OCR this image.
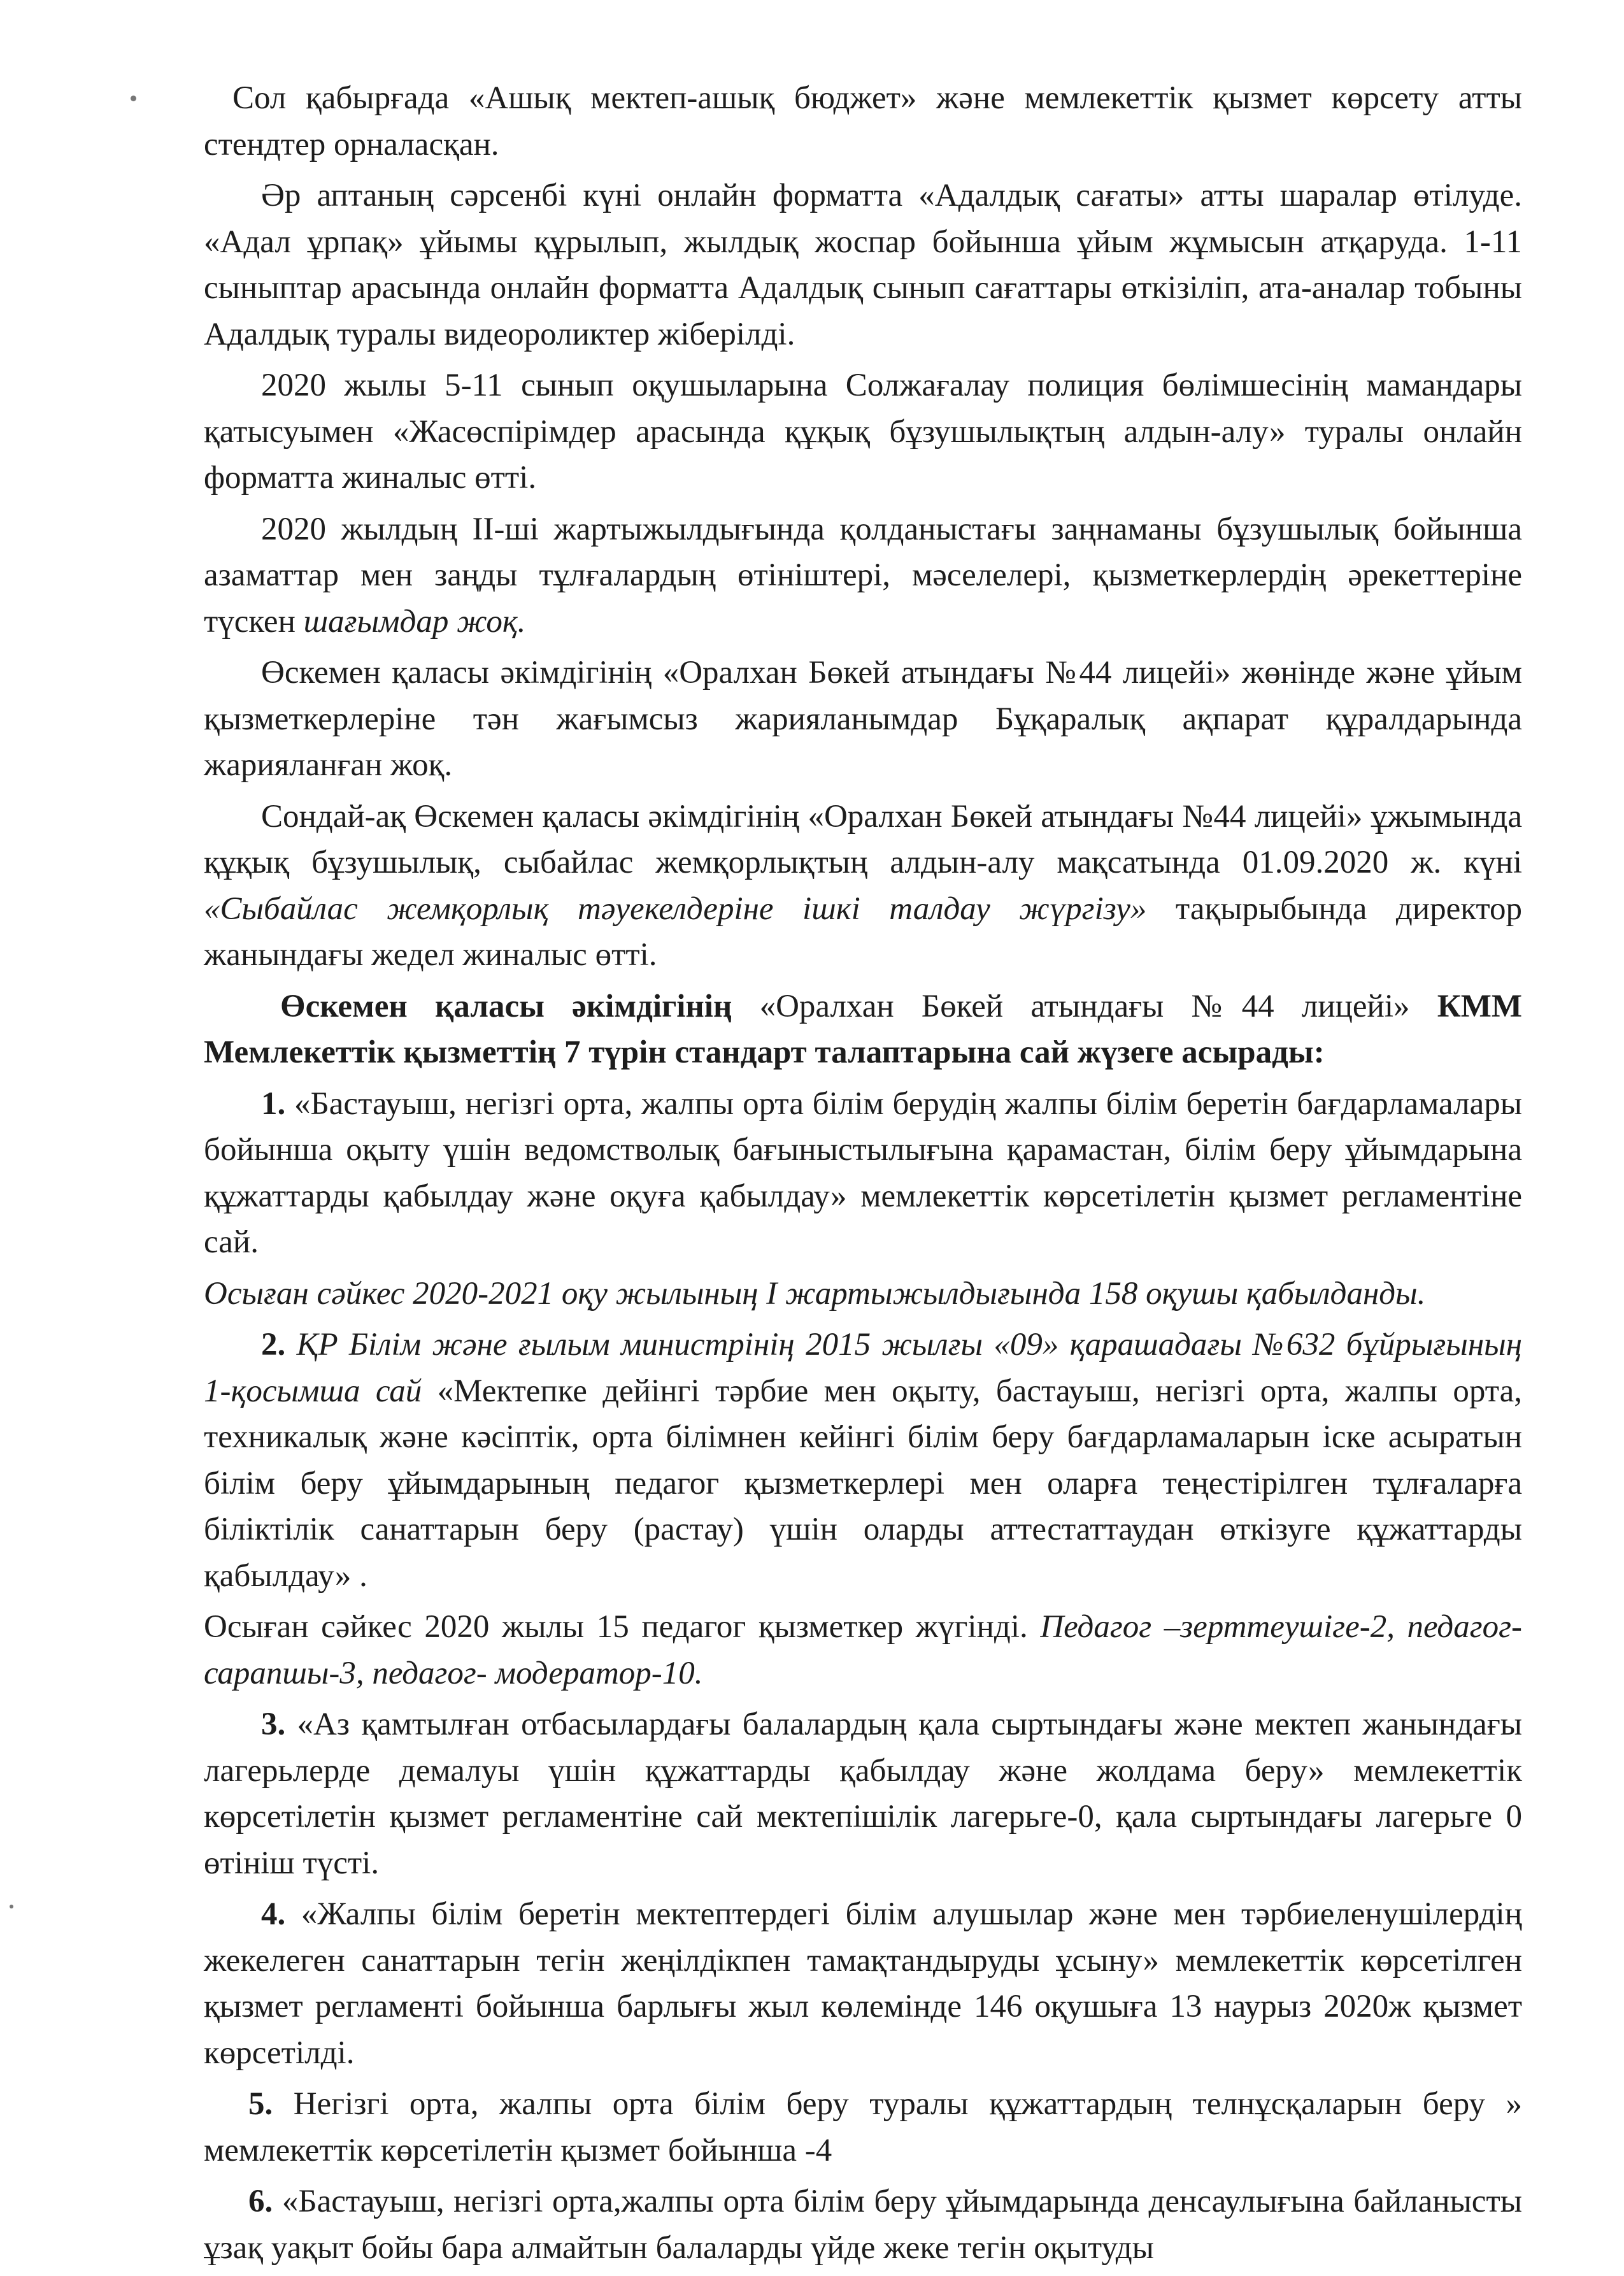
Сол қабырғада «Ашық мектеп-ашық бюджет» және мемлекеттік қызмет көрсету атты стендтер орналасқан.

Әр аптаның сәрсенбі күні онлайн форматта «Адалдық сағаты» атты шаралар өтілуде. «Адал ұрпақ» ұйымы құрылып, жылдық жоспар бойынша ұйым жұмысын атқаруда. 1-11 сыныптар арасында онлайн форматта Адалдық сынып сағаттары өткізіліп, ата-аналар тобыны Адалдық туралы видеороликтер жіберілді.

2020 жылы 5-11 сынып оқушыларына Солжағалау полиция бөлімшесінің мамандары қатысуымен «Жасөспірімдер арасында құқық бұзушылықтың алдын-алу» туралы онлайн форматта жиналыс өтті.

2020 жылдың ІІ-ші жартыжылдығында қолданыстағы заңнаманы бұзушылық бойынша азаматтар мен заңды тұлғалардың өтініштері, мәселелері, қызметкерлердің әрекеттеріне түскен шағымдар жоқ.

Өскемен қаласы әкімдігінің «Оралхан Бөкей атындағы №44 лицейі» жөнінде және ұйым қызметкерлеріне тән жағымсыз жарияланымдар Бұқаралық ақпарат құралдарында жарияланған жоқ.

Сондай-ақ Өскемен қаласы әкімдігінің «Оралхан Бөкей атындағы №44 лицейі» ұжымында құқық бұзушылық, сыбайлас жемқорлықтың алдын-алу мақсатында 01.09.2020 ж. күні «Сыбайлас жемқорлық тәуекелдеріне ішкі талдау жүргізу» тақырыбында директор жанындағы жедел жиналыс өтті.

Өскемен қаласы әкімдігінің «Оралхан Бөкей атындағы №44 лицейі» КММ Мемлекеттік қызметтің 7 түрін стандарт талаптарына сай жүзеге асырады:

1. «Бастауыш, негізгі орта, жалпы орта білім берудің жалпы білім беретін бағдарламалары бойынша оқыту үшін ведомстволық бағыныстылығына қарамастан, білім беру ұйымдарына құжаттарды қабылдау және оқуға қабылдау» мемлекеттік көрсетілетін қызмет регламентіне сай.

Осыған сәйкес 2020-2021 оқу жылының І жартыжылдығында 158 оқушы қабылданды.

2. ҚР Білім және ғылым министрінің 2015 жылғы «09» қарашадағы №632 бұйрығының 1-қосымша сай «Мектепке дейінгі тәрбие мен оқыту, бастауыш, негізгі орта, жалпы орта, техникалық және кәсіптік, орта білімнен кейінгі білім беру бағдарламаларын іске асыратын білім беру ұйымдарының педагог қызметкерлері мен оларға теңестірілген тұлғаларға біліктілік санаттарын беру (растау) үшін оларды аттестаттаудан өткізуге құжаттарды қабылдау» .

Осыған сәйкес 2020 жылы 15 педагог қызметкер жүгінді. Педагог –зерттеушіге-2, педагог-сарапшы-3, педагог- модератор-10.

3. «Аз қамтылған отбасылардағы балалардың қала сыртындағы және мектеп жанындағы лагерьлерде демалуы үшін құжаттарды қабылдау және жолдама беру» мемлекеттік көрсетілетін қызмет регламентіне сай мектепішілік лагерьге-0, қала сыртындағы лагерьге 0 өтініш түсті.

4. «Жалпы білім беретін мектептердегі білім алушылар және мен тәрбиеленушілердің жекелеген санаттарын тегін жеңілдікпен тамақтандыруды ұсыну» мемлекеттік көрсетілген қызмет регламенті бойынша барлығы жыл көлемінде 146 оқушыға 13 наурыз 2020ж қызмет көрсетілді.

5. Негізгі орта, жалпы орта білім беру туралы құжаттардың телнұсқаларын беру » мемлекеттік көрсетілетін қызмет бойынша -4

6. «Бастауыш, негізгі орта,жалпы орта білім беру ұйымдарында денсаулығына байланысты ұзақ уақыт бойы бара алмайтын балаларды үйде жеке тегін оқытуды
